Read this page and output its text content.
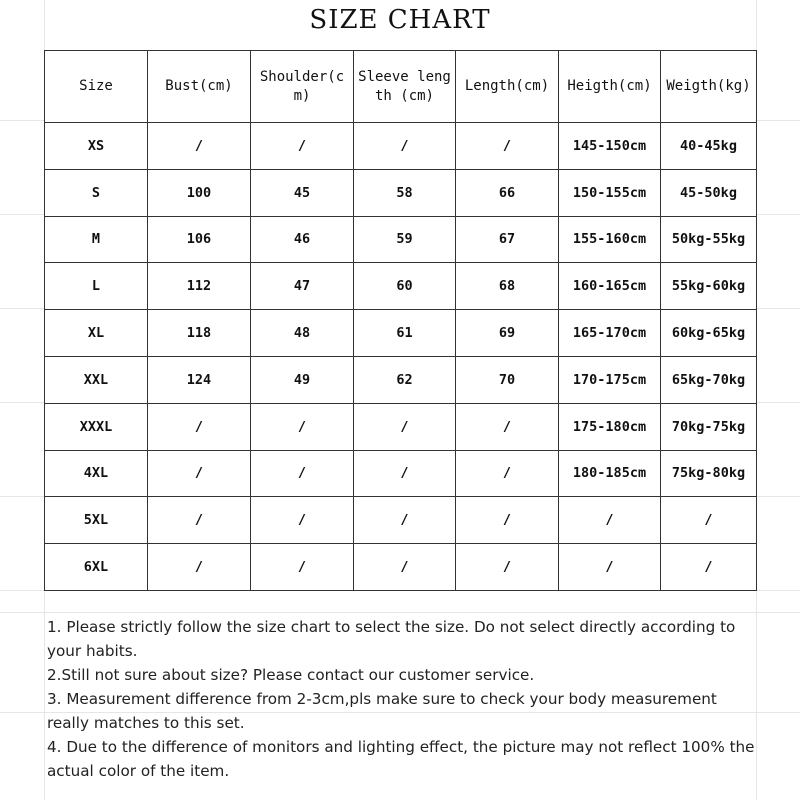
SIZE CHART
Size	Bust(cm)	Shoulder(cm)	Sleeve length (cm)	Length(cm)	Heigth(cm)	Weigth(kg)
XS	/	/	/	/	145-150cm	40-45kg
S	100	45	58	66	150-155cm	45-50kg
M	106	46	59	67	155-160cm	50kg-55kg
L	112	47	60	68	160-165cm	55kg-60kg
XL	118	48	61	69	165-170cm	60kg-65kg
XXL	124	49	62	70	170-175cm	65kg-70kg
XXXL	/	/	/	/	175-180cm	70kg-75kg
4XL	/	/	/	/	180-185cm	75kg-80kg
5XL	/	/	/	/	/	/
6XL	/	/	/	/	/	/

1. Please strictly follow the size chart to select the size. Do not select directly according to your habits.

2.Still not sure about size? Please contact our customer service.

3. Measurement difference from 2-3cm,pls make sure to check your body measurement really matches to this set.

4. Due to the difference of monitors and lighting effect, the picture may not reflect 100% the actual color of the item.
